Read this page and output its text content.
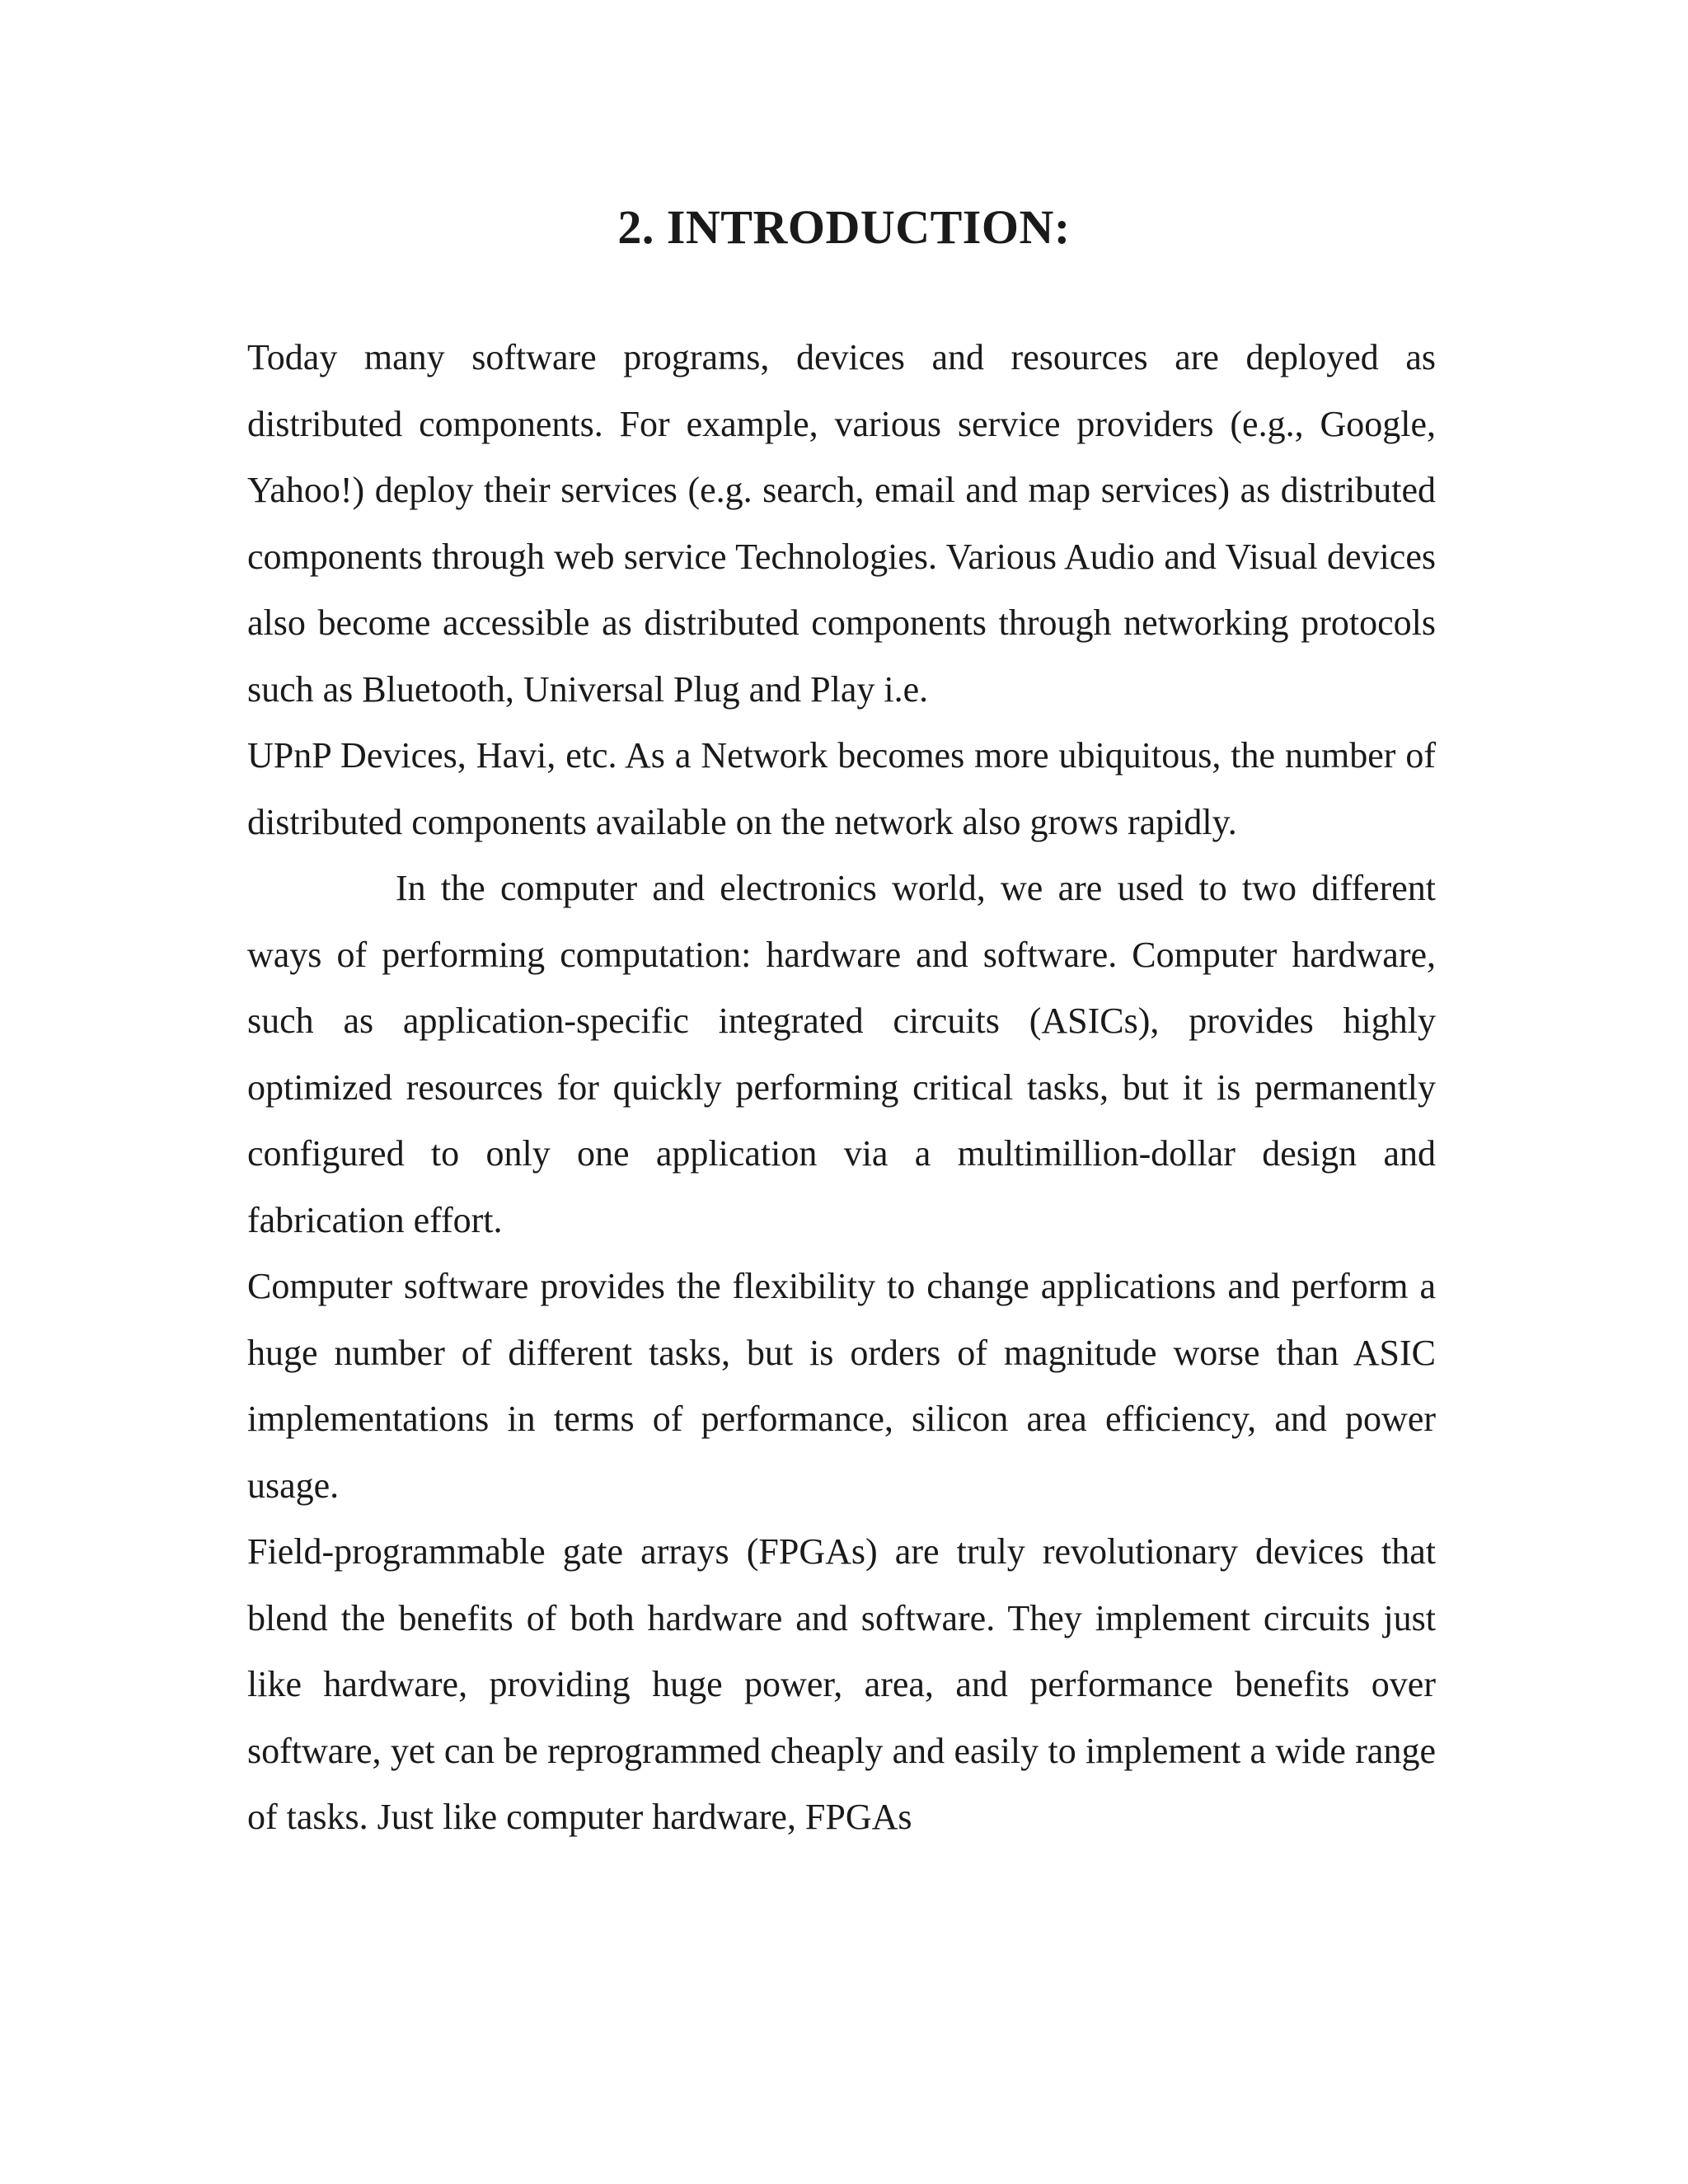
2. INTRODUCTION:

Today many software programs, devices and resources are deployed as distributed components. For example, various service providers (e.g., Google, Yahoo!) deploy their services (e.g. search, email and map services) as distributed components through web service Technologies. Various Audio and Visual devices also become accessible as distributed components through networking protocols such as Bluetooth, Universal Plug and Play i.e.

UPnP Devices, Havi, etc. As a Network becomes more ubiquitous, the number of distributed components available on the network also grows rapidly.

In the computer and electronics world, we are used to two different ways of performing computation: hardware and software. Computer hardware, such as application-specific integrated circuits (ASICs), provides highly optimized resources for quickly performing critical tasks, but it is permanently configured to only one application via a multimillion-dollar design and fabrication effort.

Computer software provides the flexibility to change applications and perform a huge number of different tasks, but is orders of magnitude worse than ASIC implementations in terms of performance, silicon area efficiency, and power usage.

Field-programmable gate arrays (FPGAs) are truly revolutionary devices that blend the benefits of both hardware and software. They implement circuits just like hardware, providing huge power, area, and performance benefits over software, yet can be reprogrammed cheaply and easily to implement a wide range of tasks. Just like computer hardware, FPGAs
